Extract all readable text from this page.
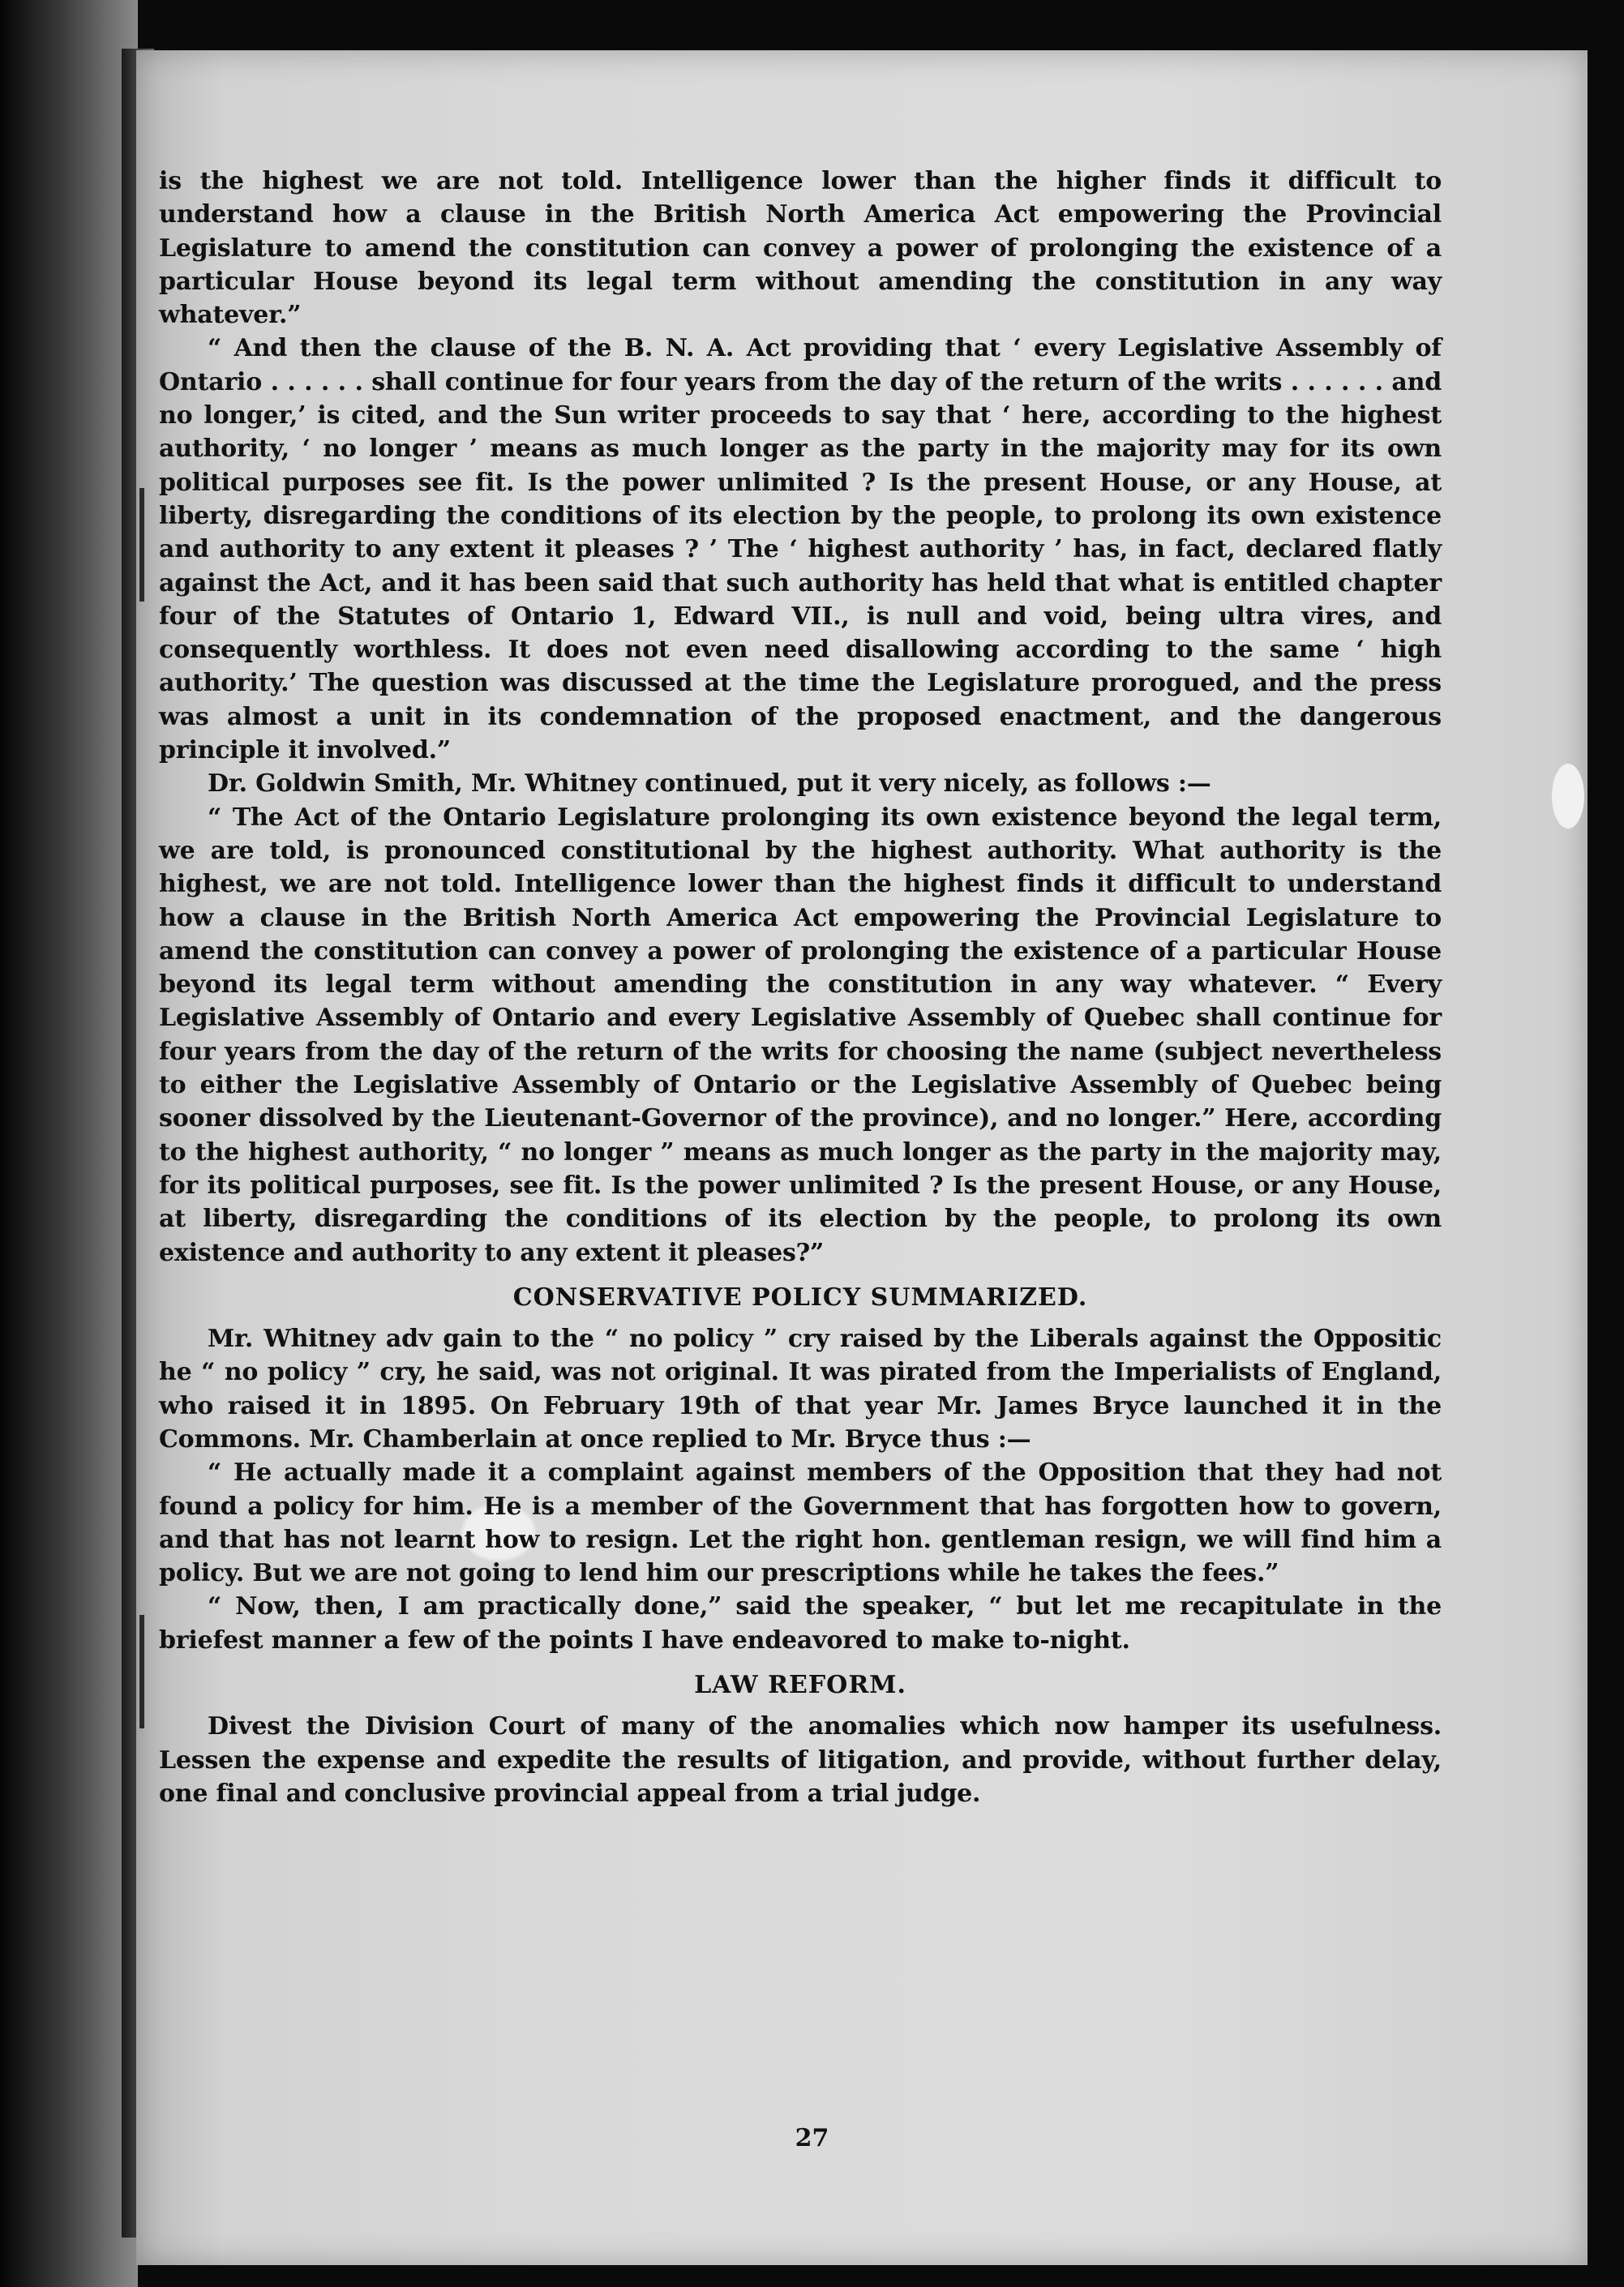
is the highest we are not told. Intelligence lower than the higher finds it difficult to understand how a clause in the British North America Act empowering the Provincial Legislature to amend the constitution can convey a power of prolonging the existence of a particular House beyond its legal term without amending the constitution in any way whatever.”

“ And then the clause of the B. N. A. Act providing that ‘ every Legislative Assembly of Ontario . . . . . . shall continue for four years from the day of the return of the writs . . . . . . and no longer,’ is cited, and the Sun writer proceeds to say that ‘ here, according to the highest authority, ‘ no longer ’ means as much longer as the party in the majority may for its own political purposes see fit. Is the power unlimited ? Is the present House, or any House, at liberty, disregarding the conditions of its election by the people, to prolong its own existence and authority to any extent it pleases ? ’ The ‘ highest authority ’ has, in fact, declared flatly against the Act, and it has been said that such authority has held that what is entitled chapter four of the Statutes of Ontario 1, Edward VII., is null and void, being ultra vires, and consequently worthless. It does not even need disallowing according to the same ‘ high authority.’ The question was discussed at the time the Legislature prorogued, and the press was almost a unit in its condemnation of the proposed enactment, and the dangerous principle it involved.”

Dr. Goldwin Smith, Mr. Whitney continued, put it very nicely, as follows :—

“ The Act of the Ontario Legislature prolonging its own existence beyond the legal term, we are told, is pronounced constitutional by the highest authority. What authority is the highest, we are not told. Intelligence lower than the highest finds it difficult to understand how a clause in the British North America Act empowering the Provincial Legislature to amend the constitution can convey a power of prolonging the existence of a particular House beyond its legal term without amending the constitution in any way whatever. “ Every Legislative Assembly of Ontario and every Legislative Assembly of Quebec shall continue for four years from the day of the return of the writs for choosing the name (subject nevertheless to either the Legislative Assembly of Ontario or the Legislative Assembly of Quebec being sooner dissolved by the Lieutenant-Governor of the province), and no longer.” Here, according to the highest authority, “ no longer ” means as much longer as the party in the majority may, for its political purposes, see fit. Is the power unlimited ? Is the present House, or any House, at liberty, disregarding the conditions of its election by the people, to prolong its own existence and authority to any extent it pleases?”

CONSERVATIVE POLICY SUMMARIZED.

Mr. Whitney adv gain to the “ no policy ” cry raised by the Liberals against the Oppositic he “ no policy ” cry, he said, was not original. It was pirated from the Imperialists of England, who raised it in 1895. On February 19th of that year Mr. James Bryce launched it in the Commons. Mr. Chamberlain at once replied to Mr. Bryce thus :—

“ He actually made it a complaint against members of the Opposition that they had not found a policy for him. He is a member of the Government that has forgotten how to govern, and that has not learnt how to resign. Let the right hon. gentleman resign, we will find him a policy. But we are not going to lend him our prescriptions while he takes the fees.”

“ Now, then, I am practically done,” said the speaker, “ but let me recapitulate in the briefest manner a few of the points I have endeavored to make to-night.

LAW REFORM.

Divest the Division Court of many of the anomalies which now hamper its usefulness. Lessen the expense and expedite the results of litigation, and provide, without further delay, one final and conclusive provincial appeal from a trial judge.

27
